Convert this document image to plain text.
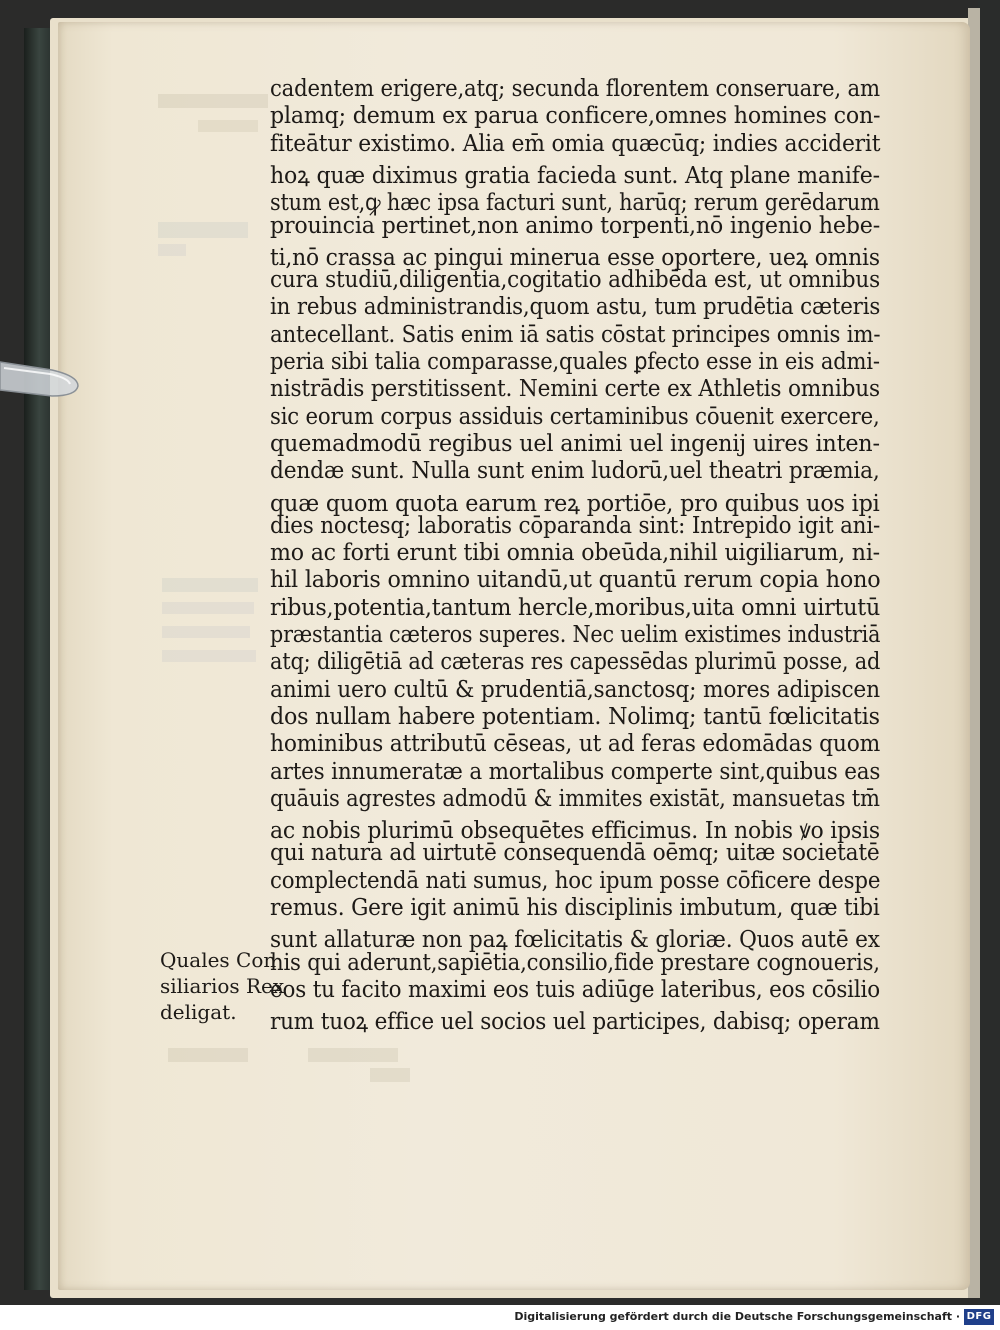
cadentem erigere,atq; secunda florentem conseruare, am
plamq; demum ex parua conficere,omnes homines con-
fiteātur existimo. Alia em̄ omia quæcūq; indies acciderit
hoꝝ quæ diximus gratia facieda sunt. Atq plane manife-
stum est,ꝙ hæc ipsa facturi sunt, harūq; rerum gerēdarum
prouincia pertinet,non animo torpenti,nō ingenio hebe-
ti,nō crassa ac pingui mineruа esse oportere, ueꝝ omnis
cura studiū,diligentia,cogitatio adhibēda est, ut omnibus
in rebus administrandis,quom astu, tum prudētia cæteris
antecellant. Satis enim iā satis cōstat principes omnis im-
peria sibi talia comparasse,quales ꝑfecto esse in eis admi-
nistrādis perstitissent. Nemini certe ex Athletis omnibus
sic eorum corpus assiduis certaminibus cōuenit exercere,
quemadmodū regibus uel animi uel ingenij uires inten-
dendæ sunt. Nulla sunt enim ludorū,uel theatri præmia,
quæ quom quota earum reꝝ portiōe, pro quibus uos ipi
dies noctesq; laboratis cōparanda sint: Intrepido igit ani-
mo ac forti erunt tibi omnia obeūda,nihil uigiliarum, ni-
hil laboris omnino uitandū,ut quantū rerum copia hono
ribus,potentia,tantum hercle,moribus,uita omni uirtutū
præstantia cæteros superes. Nec uelim existimes industriā
atq; diligētiā ad cæteras res capessēdas plurimū posse, ad
animi uero cultū & prudentiā,sanctosq; mores adipiscen
dos nullam habere potentiam. Nolimq; tantū fœlicitatis
hominibus attributū cēseas, ut ad feras edomādas quom
artes innumeratæ a mortalibus comperte sint,quibus eas
quāuis agrestes admodū & immites existāt, mansuetas tm̄
ac nobis plurimū obsequētes efficimus. In nobis ꝟo ipsis
qui natura ad uirtutē consequendā oēmq; uitæ societatē
complectendā nati sumus, hoc ipum posse cōficere despe
remus. Gere igit animū his disciplinis imbutum, quæ tibi
sunt allaturæ non paꝝ fœlicitatis & gloriæ. Quos autē ex
his qui aderunt,sapiētia,consilio,fide prestare cognoueris,
eos tu facito maximi eos tuis adiūge lateribus, eos cōsilio
rum tuoꝝ effice uel socios uel participes, dabisq; operam
Quales Con
siliarios Rex
deligat.
Digitalisierung gefördert durch die Deutsche Forschungsgemeinschaft · DFG
